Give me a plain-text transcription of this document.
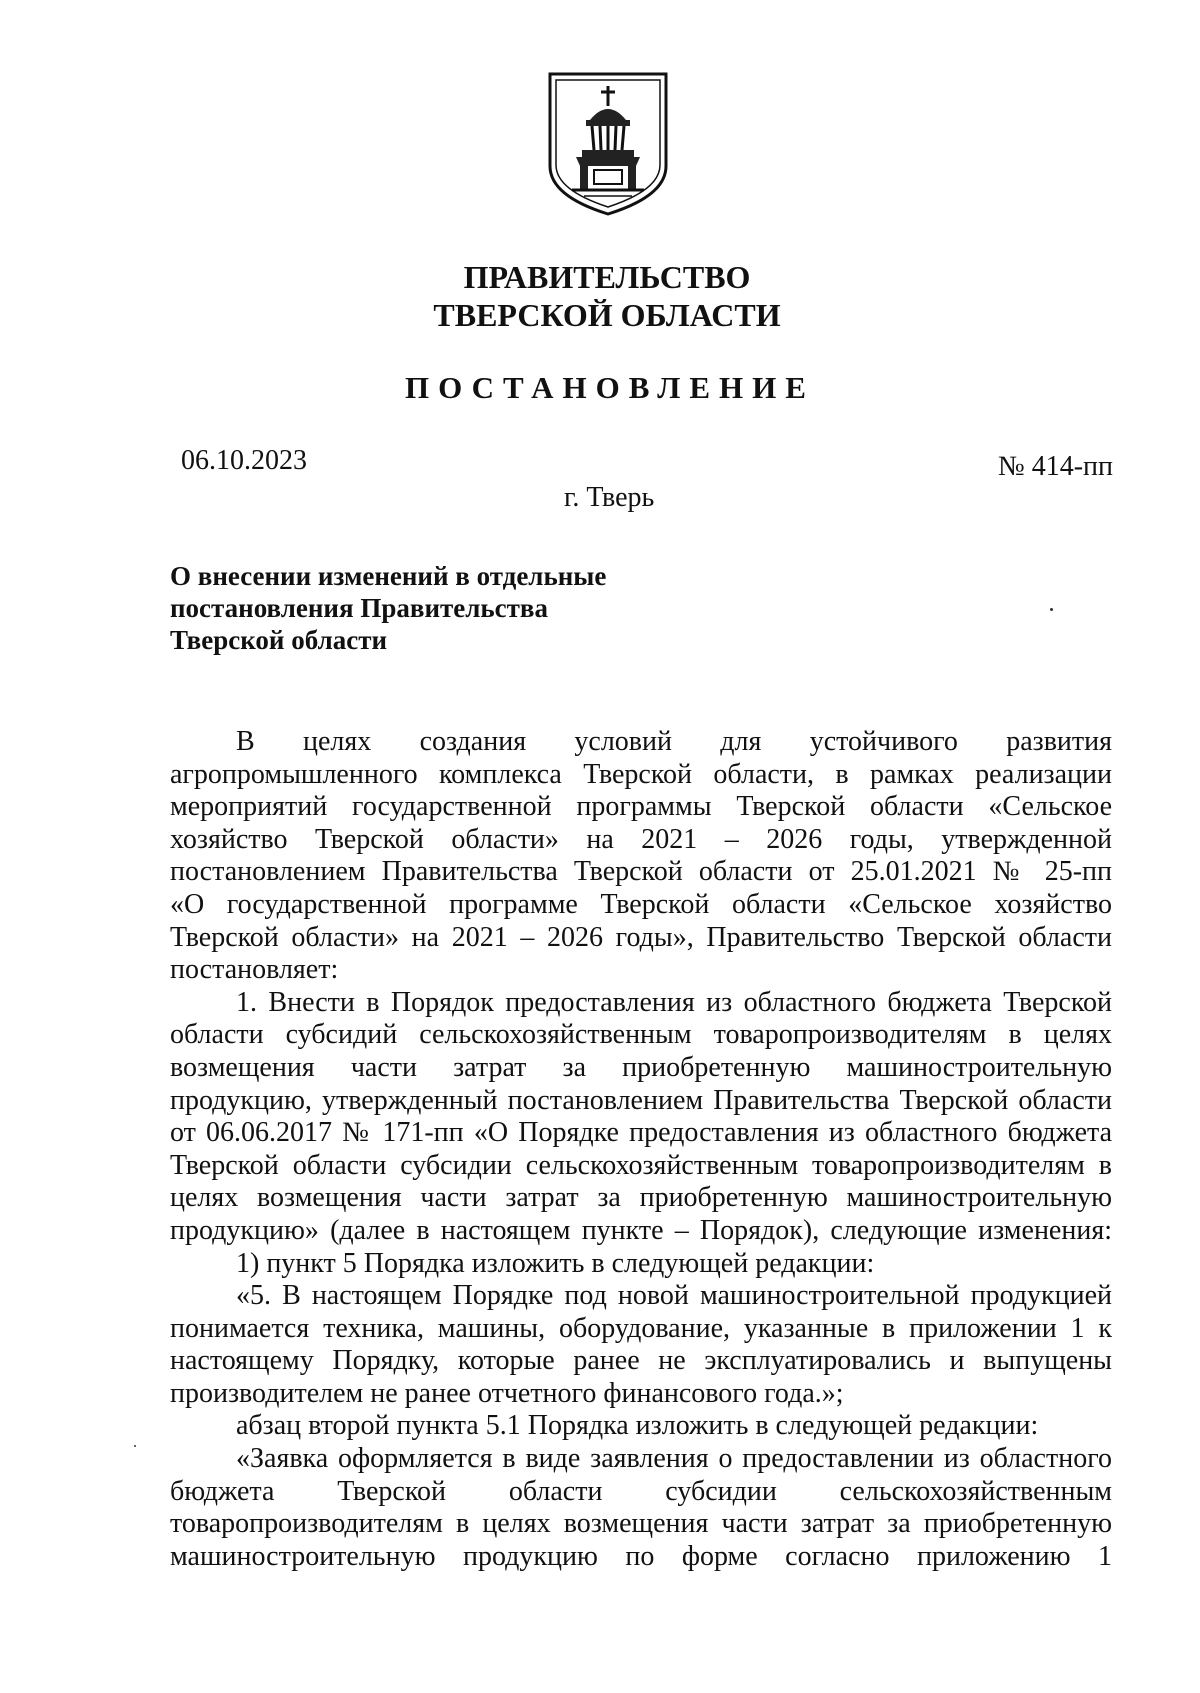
ПРАВИТЕЛЬСТВО
ТВЕРСКОЙ ОБЛАСТИ
ПОСТАНОВЛЕНИЕ
06.10.2023	№ 414-пп
г. Тверь
О внесении изменений в отдельные
постановления Правительства
Тверской области
В целях создания условий для устойчивого развития
агропромышленного комплекса Тверской области, в рамках реализации
мероприятий государственной программы Тверской области «Сельское
хозяйство Тверской области» на 2021 – 2026 годы, утвержденной
постановлением Правительства Тверской области от 25.01.2021 № 25-пп
«О государственной программе Тверской области «Сельское хозяйство
Тверской области» на 2021 – 2026 годы», Правительство Тверской области
постановляет:
1. Внести в Порядок предоставления из областного бюджета Тверской
области субсидий сельскохозяйственным товаропроизводителям в целях
возмещения части затрат за приобретенную машиностроительную
продукцию, утвержденный постановлением Правительства Тверской области
от 06.06.2017 № 171-пп «О Порядке предоставления из областного бюджета
Тверской области субсидии сельскохозяйственным товаропроизводителям в
целях возмещения части затрат за приобретенную машиностроительную
продукцию» (далее в настоящем пункте – Порядок), следующие изменения:
1) пункт 5 Порядка изложить в следующей редакции:
«5. В настоящем Порядке под новой машиностроительной продукцией
понимается техника, машины, оборудование, указанные в приложении 1 к
настоящему Порядку, которые ранее не эксплуатировались и выпущены
производителем не ранее отчетного финансового года.»;
абзац второй пункта 5.1 Порядка изложить в следующей редакции:
«Заявка оформляется в виде заявления о предоставлении из областного
бюджета Тверской области субсидии сельскохозяйственным
товаропроизводителям в целях возмещения части затрат за приобретенную
машиностроительную продукцию по форме согласно приложению 1
